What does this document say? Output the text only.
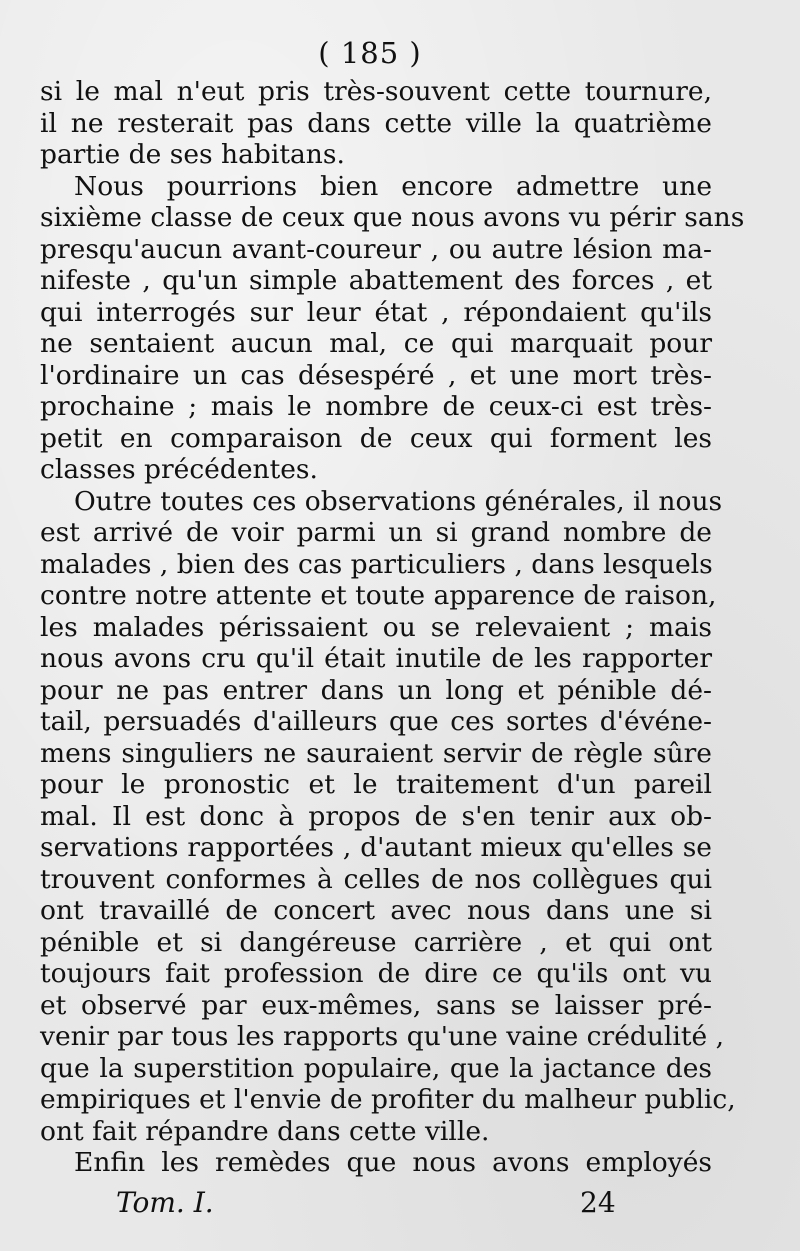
( 185 )
si le mal n'eut pris très-souvent cette tournure,
il ne resterait pas dans cette ville la quatrième
partie de ses habitans.
Nous pourrions bien encore admettre une
sixième classe de ceux que nous avons vu périr sans
presqu'aucun avant-coureur , ou autre lésion ma-
nifeste , qu'un simple abattement des forces , et
qui interrogés sur leur état , répondaient qu'ils
ne sentaient aucun mal, ce qui marquait pour
l'ordinaire un cas désespéré , et une mort très-
prochaine ; mais le nombre de ceux-ci est très-
petit en comparaison de ceux qui forment les
classes précédentes.
Outre toutes ces observations générales, il nous
est arrivé de voir parmi un si grand nombre de
malades , bien des cas particuliers , dans lesquels
contre notre attente et toute apparence de raison,
les malades périssaient ou se relevaient ; mais
nous avons cru qu'il était inutile de les rapporter
pour ne pas entrer dans un long et pénible dé-
tail, persuadés d'ailleurs que ces sortes d'événe-
mens singuliers ne sauraient servir de règle sûre
pour le pronostic et le traitement d'un pareil
mal. Il est donc à propos de s'en tenir aux ob-
servations rapportées , d'autant mieux qu'elles se
trouvent conformes à celles de nos collègues qui
ont travaillé de concert avec nous dans une si
pénible et si dangéreuse carrière , et qui ont
toujours fait profession de dire ce qu'ils ont vu
et observé par eux-mêmes, sans se laisser pré-
venir par tous les rapports qu'une vaine crédulité ,
que la superstition populaire, que la jactance des
empiriques et l'envie de profiter du malheur public,
ont fait répandre dans cette ville.
Enfin les remèdes que nous avons employés
Tom. I.	24
